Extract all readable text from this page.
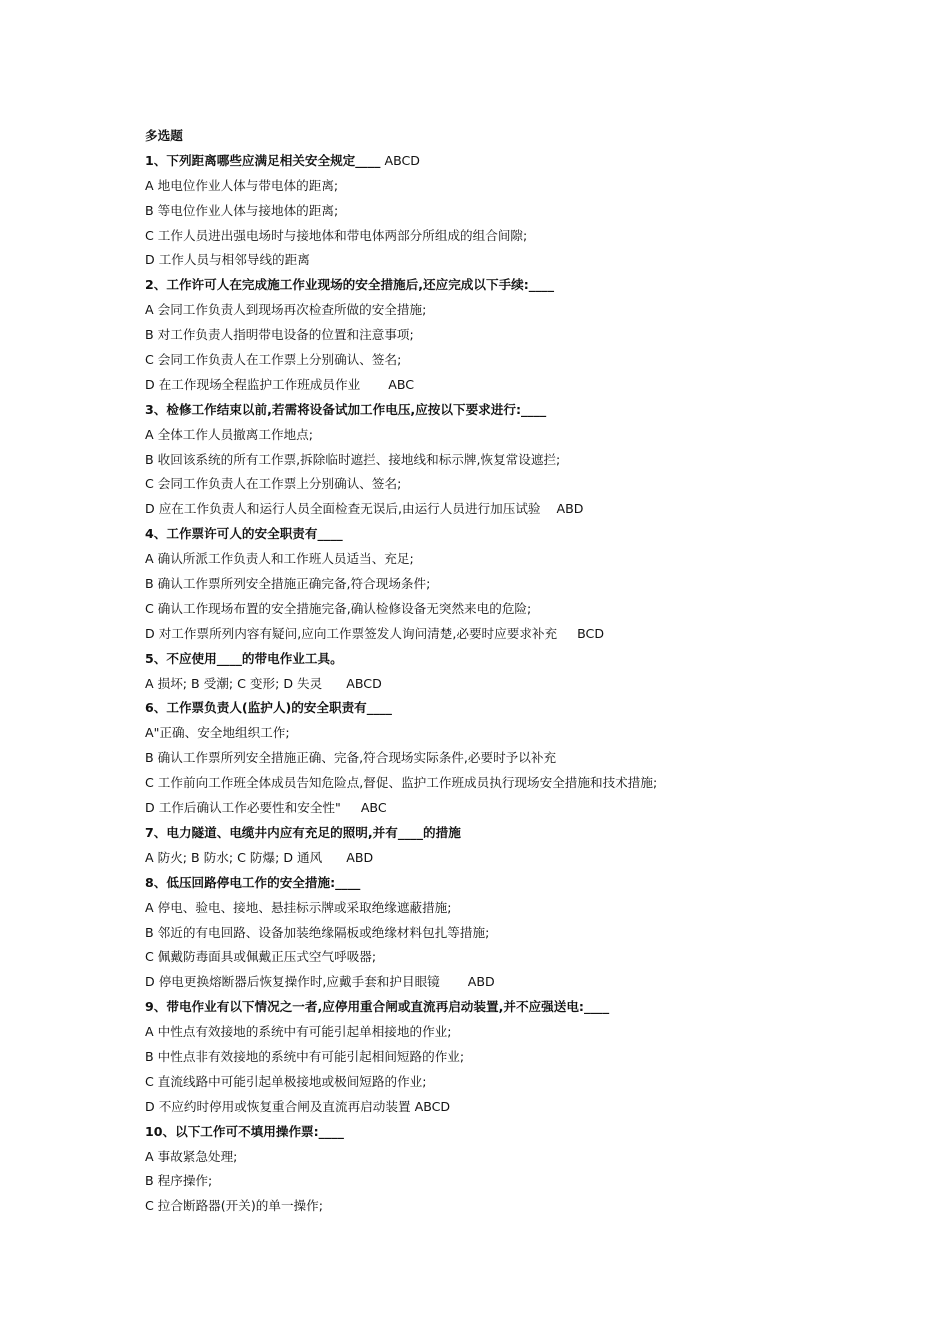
多选题
1、下列距离哪些应满足相关安全规定____ ABCD
A 地电位作业人体与带电体的距离;
B 等电位作业人体与接地体的距离;
C 工作人员进出强电场时与接地体和带电体两部分所组成的组合间隙;
D 工作人员与相邻导线的距离
2、工作许可人在完成施工作业现场的安全措施后,还应完成以下手续:____
A 会同工作负责人到现场再次检查所做的安全措施;
B 对工作负责人指明带电设备的位置和注意事项;
C 会同工作负责人在工作票上分别确认、签名;
D 在工作现场全程监护工作班成员作业       ABC
3、检修工作结束以前,若需将设备试加工作电压,应按以下要求进行:____
A 全体工作人员撤离工作地点;
B 收回该系统的所有工作票,拆除临时遮拦、接地线和标示牌,恢复常设遮拦;
C 会同工作负责人在工作票上分别确认、签名;
D 应在工作负责人和运行人员全面检查无误后,由运行人员进行加压试验    ABD
4、工作票许可人的安全职责有____
A 确认所派工作负责人和工作班人员适当、充足;
B 确认工作票所列安全措施正确完备,符合现场条件;
C 确认工作现场布置的安全措施完备,确认检修设备无突然来电的危险;
D 对工作票所列内容有疑问,应向工作票签发人询问清楚,必要时应要求补充     BCD
5、不应使用____的带电作业工具。
A 损坏; B 受潮; C 变形; D 失灵      ABCD
6、工作票负责人(监护人)的安全职责有____
A"正确、安全地组织工作;
B 确认工作票所列安全措施正确、完备,符合现场实际条件,必要时予以补充
C 工作前向工作班全体成员告知危险点,督促、监护工作班成员执行现场安全措施和技术措施;
D 工作后确认工作必要性和安全性"     ABC
7、电力隧道、电缆井内应有充足的照明,并有____的措施
A 防火; B 防水; C 防爆; D 通风      ABD
8、低压回路停电工作的安全措施:____
A 停电、验电、接地、悬挂标示牌或采取绝缘遮蔽措施;
B 邻近的有电回路、设备加装绝缘隔板或绝缘材料包扎等措施;
C 佩戴防毒面具或佩戴正压式空气呼吸器;
D 停电更换熔断器后恢复操作时,应戴手套和护目眼镜       ABD
9、带电作业有以下情况之一者,应停用重合闸或直流再启动装置,并不应强送电:____
A 中性点有效接地的系统中有可能引起单相接地的作业;
B 中性点非有效接地的系统中有可能引起相间短路的作业;
C 直流线路中可能引起单极接地或极间短路的作业;
D 不应约时停用或恢复重合闸及直流再启动装置 ABCD
10、以下工作可不填用操作票:____
A 事故紧急处理;
B 程序操作;
C 拉合断路器(开关)的单一操作;
